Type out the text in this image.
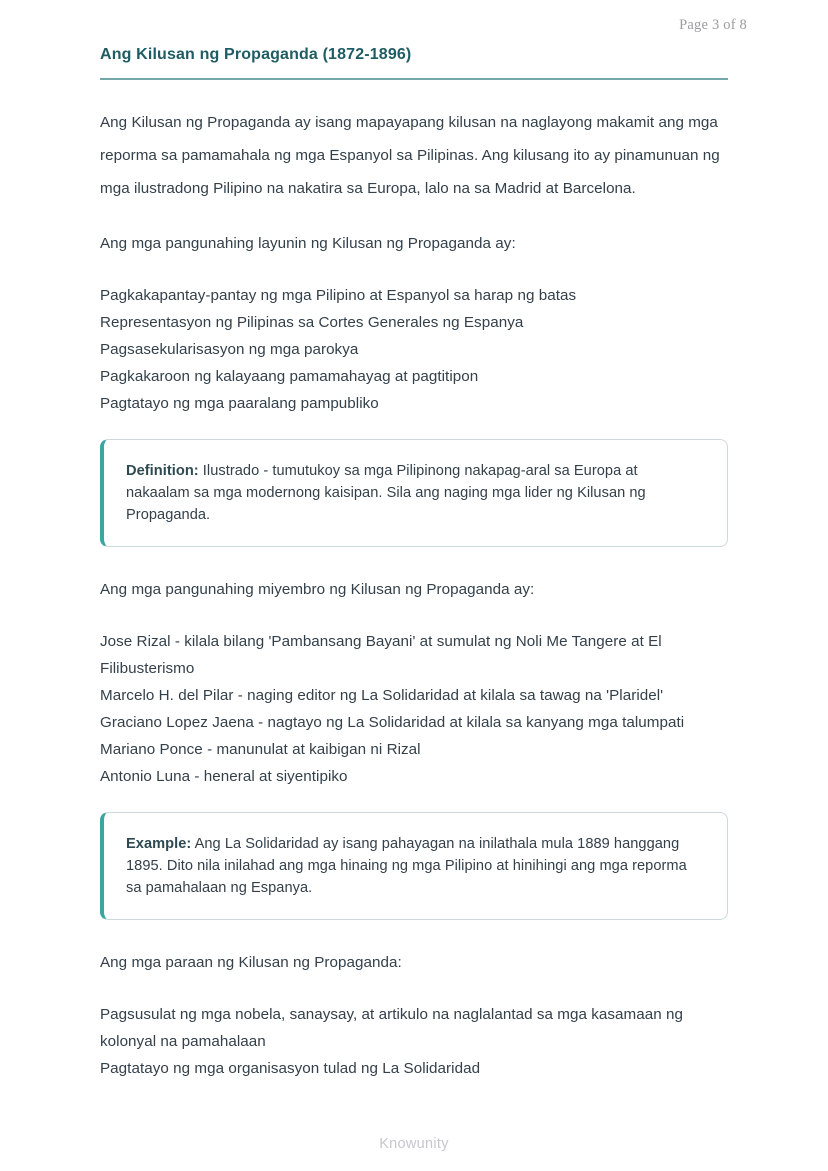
Page 3 of 8
Ang Kilusan ng Propaganda (1872-1896)

Ang Kilusan ng Propaganda ay isang mapayapang kilusan na naglayong makamit ang mga reporma sa pamamahala ng mga Espanyol sa Pilipinas. Ang kilusang ito ay pinamunuan ng mga ilustradong Pilipino na nakatira sa Europa, lalo na sa Madrid at Barcelona.

Ang mga pangunahing layunin ng Kilusan ng Propaganda ay:

Pagkakapantay-pantay ng mga Pilipino at Espanyol sa harap ng batas
Representasyon ng Pilipinas sa Cortes Generales ng Espanya
Pagsasekularisasyon ng mga parokya
Pagkakaroon ng kalayaang pamamahayag at pagtitipon
Pagtatayo ng mga paaralang pampubliko
Definition: Ilustrado - tumutukoy sa mga Pilipinong nakapag-aral sa Europa at nakaalam sa mga modernong kaisipan. Sila ang naging mga lider ng Kilusan ng Propaganda.

Ang mga pangunahing miyembro ng Kilusan ng Propaganda ay:

Jose Rizal - kilala bilang 'Pambansang Bayani' at sumulat ng Noli Me Tangere at El Filibusterismo
Marcelo H. del Pilar - naging editor ng La Solidaridad at kilala sa tawag na 'Plaridel'
Graciano Lopez Jaena - nagtayo ng La Solidaridad at kilala sa kanyang mga talumpati
Mariano Ponce - manunulat at kaibigan ni Rizal
Antonio Luna - heneral at siyentipiko
Example: Ang La Solidaridad ay isang pahayagan na inilathala mula 1889 hanggang 1895. Dito nila inilahad ang mga hinaing ng mga Pilipino at hinihingi ang mga reporma sa pamahalaan ng Espanya.

Ang mga paraan ng Kilusan ng Propaganda:

Pagsusulat ng mga nobela, sanaysay, at artikulo na naglalantad sa mga kasamaan ng kolonyal na pamahalaan
Pagtatayo ng mga organisasyon tulad ng La Solidaridad
Knowunity
